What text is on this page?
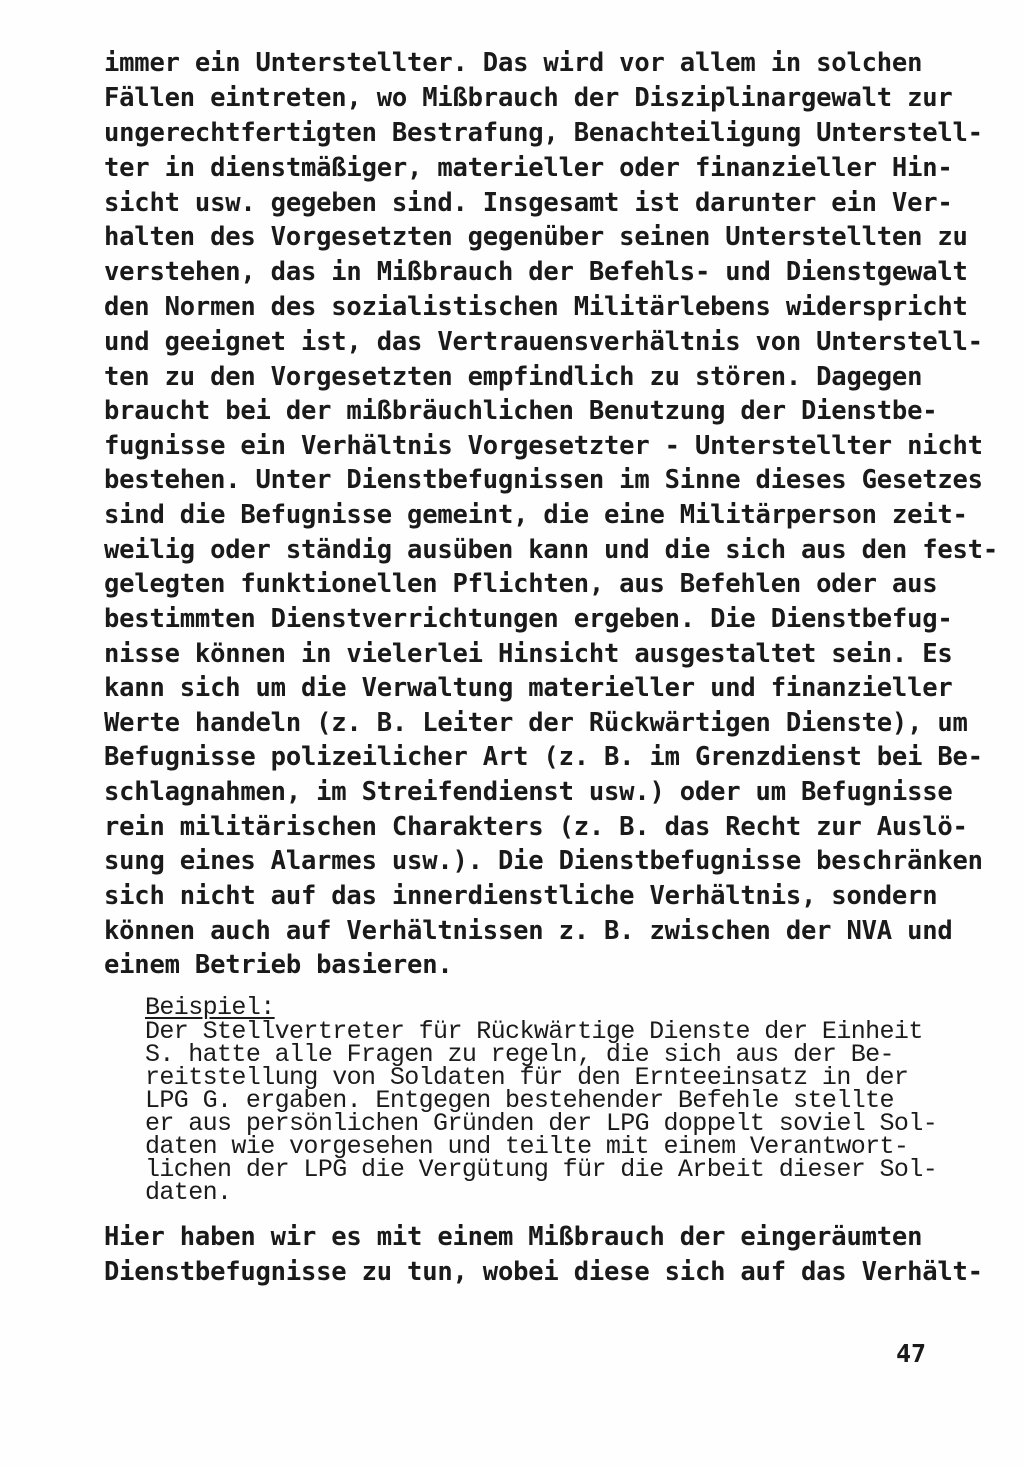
immer ein Unterstellter. Das wird vor allem in solchen
Fällen eintreten, wo Mißbrauch der Disziplinargewalt zur
ungerechtfertigten Bestrafung, Benachteiligung Unterstell-
ter in dienstmäßiger, materieller oder finanzieller Hin-
sicht usw. gegeben sind. Insgesamt ist darunter ein Ver-
halten des Vorgesetzten gegenüber seinen Unterstellten zu
verstehen, das in Mißbrauch der Befehls- und Dienstgewalt
den Normen des sozialistischen Militärlebens widerspricht
und geeignet ist, das Vertrauensverhältnis von Unterstell-
ten zu den Vorgesetzten empfindlich zu stören. Dagegen
braucht bei der mißbräuchlichen Benutzung der Dienstbe-
fugnisse ein Verhältnis Vorgesetzter - Unterstellter nicht
bestehen. Unter Dienstbefugnissen im Sinne dieses Gesetzes
sind die Befugnisse gemeint, die eine Militärperson zeit-
weilig oder ständig ausüben kann und die sich aus den fest-
gelegten funktionellen Pflichten, aus Befehlen oder aus
bestimmten Dienstverrichtungen ergeben. Die Dienstbefug-
nisse können in vielerlei Hinsicht ausgestaltet sein. Es
kann sich um die Verwaltung materieller und finanzieller
Werte handeln (z. B. Leiter der Rückwärtigen Dienste), um
Befugnisse polizeilicher Art (z. B. im Grenzdienst bei Be-
schlagnahmen, im Streifendienst usw.) oder um Befugnisse
rein militärischen Charakters (z. B. das Recht zur Auslö-
sung eines Alarmes usw.). Die Dienstbefugnisse beschränken
sich nicht auf das innerdienstliche Verhältnis, sondern
können auch auf Verhältnissen z. B. zwischen der NVA und
einem Betrieb basieren.
Beispiel:
Der Stellvertreter für Rückwärtige Dienste der Einheit
S. hatte alle Fragen zu regeln, die sich aus der Be-
reitstellung von Soldaten für den Ernteeinsatz in der
LPG G. ergaben. Entgegen bestehender Befehle stellte
er aus persönlichen Gründen der LPG doppelt soviel Sol-
daten wie vorgesehen und teilte mit einem Verantwort-
lichen der LPG die Vergütung für die Arbeit dieser Sol-
daten.
Hier haben wir es mit einem Mißbrauch der eingeräumten
Dienstbefugnisse zu tun, wobei diese sich auf das Verhält-
47
